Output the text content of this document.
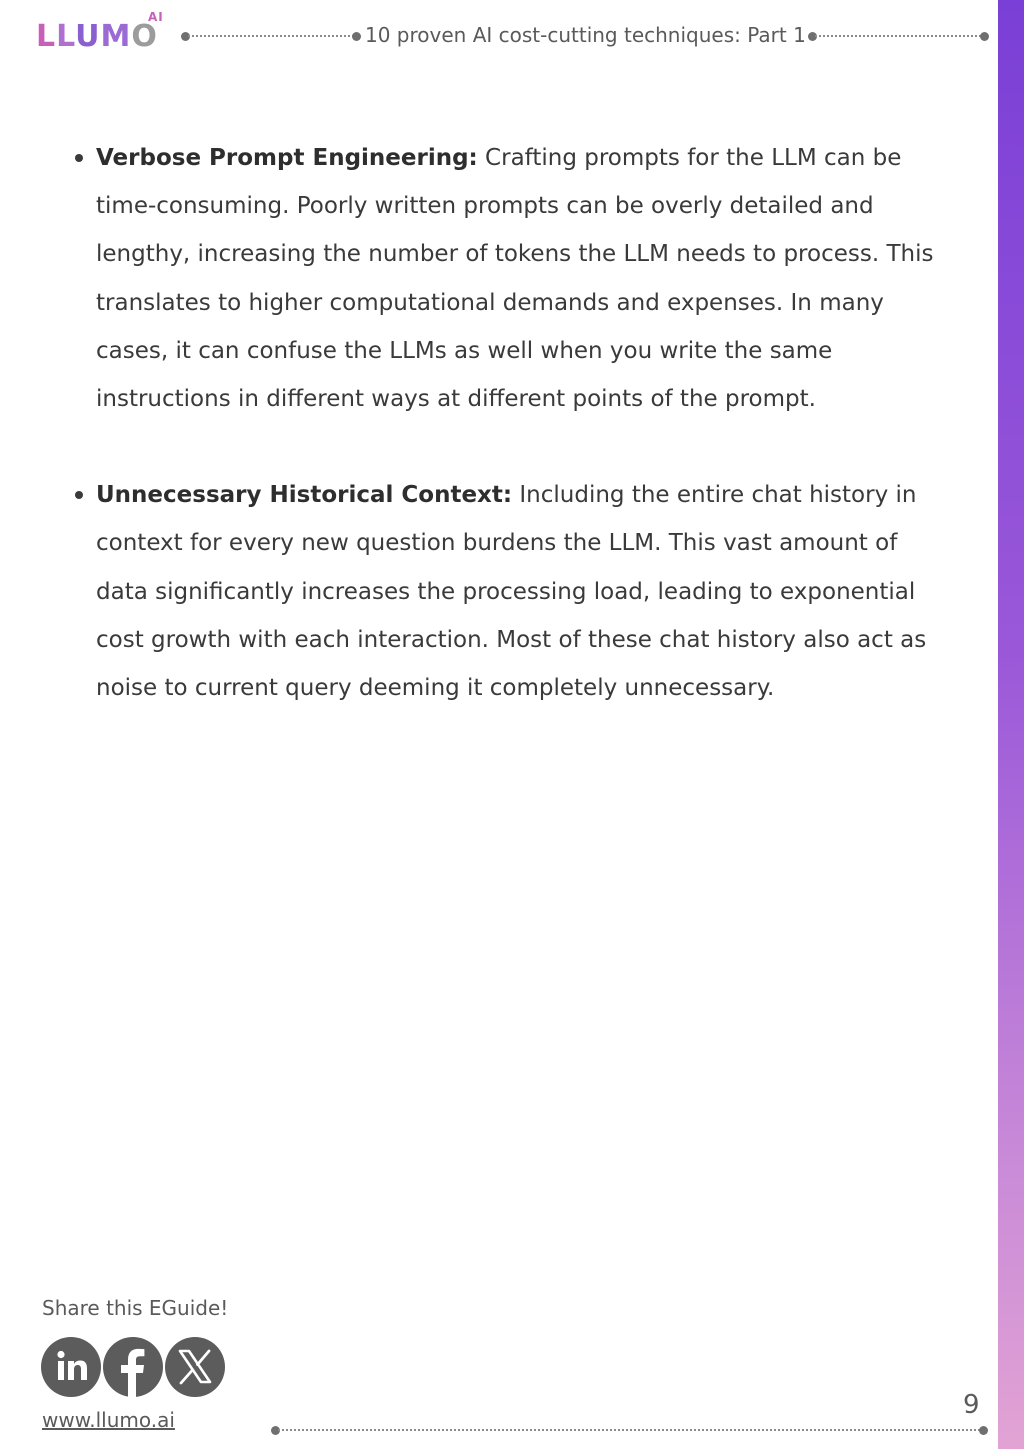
LLUMO
AI
10 proven AI cost-cutting techniques: Part 1
Verbose Prompt Engineering: Crafting prompts for the LLM can be time-consuming. Poorly written prompts can be overly detailed and lengthy, increasing the number of tokens the LLM needs to process. This translates to higher computational demands and expenses. In many cases, it can confuse the LLMs as well when you write the same instructions in different ways at different points of the prompt.
Unnecessary Historical Context: Including the entire chat history in context for every new question burdens the LLM. This vast amount of data significantly increases the processing load, leading to exponential cost growth with each interaction. Most of these chat history also act as noise to current query deeming it completely unnecessary.
Share this EGuide!
www.llumo.ai	9
